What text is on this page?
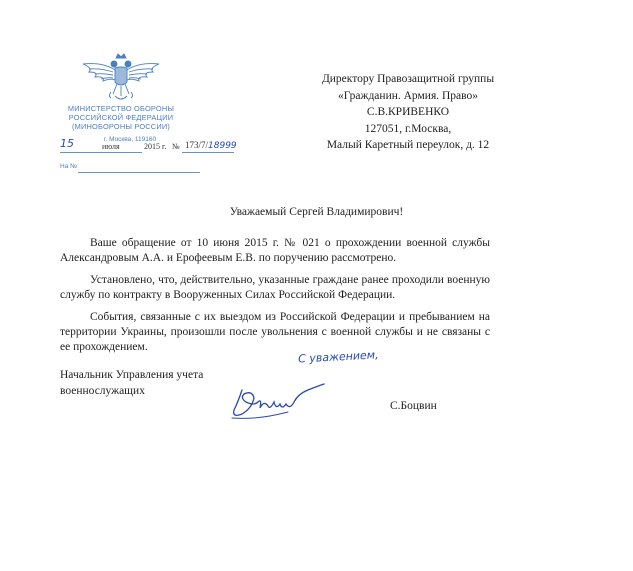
МИНИСТЕРСТВО ОБОРОНЫ
РОССИЙСКОЙ ФЕДЕРАЦИИ
(МИНОБОРОНЫ РОССИИ)
г. Москва, 119160
15	июля	2015 г. № 173/7/18999
На №
Директору Правозащитной группы
«Гражданин. Армия. Право»
С.В.КРИВЕНКО
127051, г.Москва,
Малый Каретный переулок, д. 12
Уважаемый Сергей Владимирович!

Ваше обращение от 10 июня 2015 г. № 021 о прохождении военной службы Александровым А.А. и Ерофеевым Е.В. по поручению рассмотрено.

Установлено, что, действительно, указанные граждане ранее проходили военную службу по контракту в Вооруженных Силах Российской Федерации.

События, связанные с их выездом из Российской Федерации и пребыванием на территории Украины, произошли после увольнения с военной службы и не связаны с ее прохождением.

С уважением,
Начальник Управления учета
военнослужащих
С.Боцвин
